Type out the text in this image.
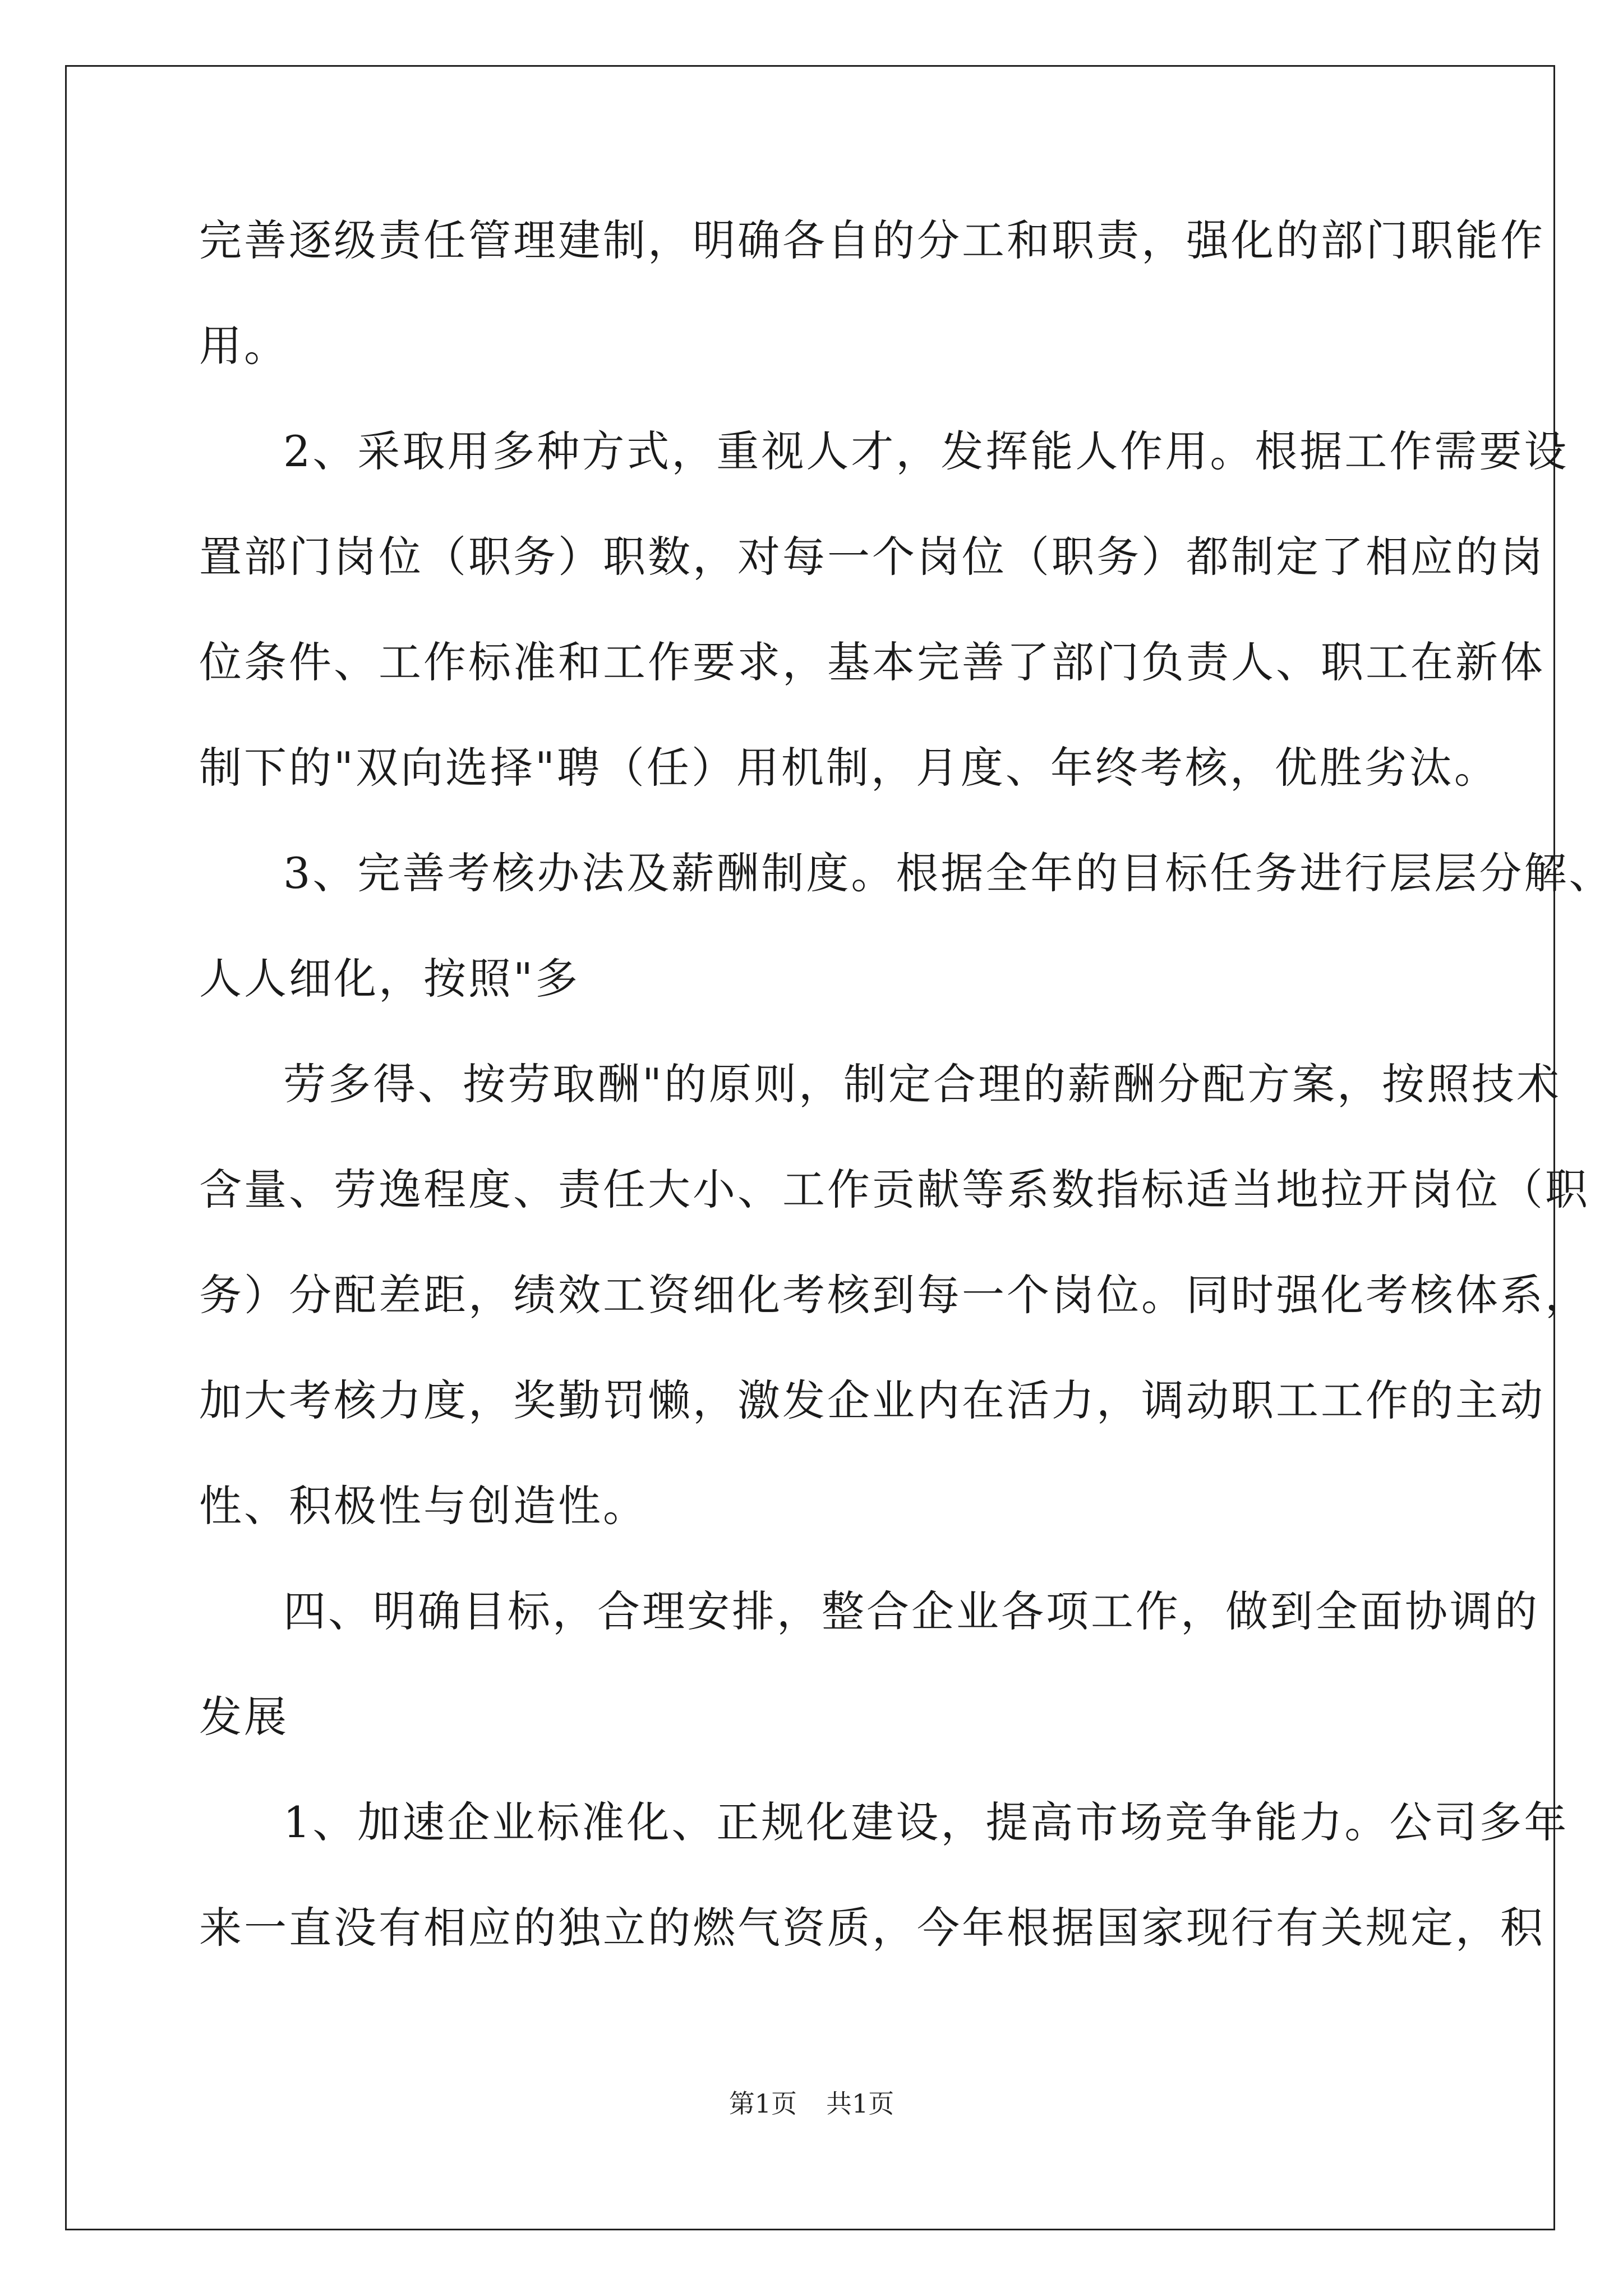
完善逐级责任管理建制，明确各自的分工和职责，强化的部门职能作
用。
2、采取用多种方式，重视人才，发挥能人作用。根据工作需要设
置部门岗位（职务）职数，对每一个岗位（职务）都制定了相应的岗
位条件、工作标准和工作要求，基本完善了部门负责人、职工在新体
制下的"双向选择"聘（任）用机制，月度、年终考核，优胜劣汰。
3、完善考核办法及薪酬制度。根据全年的目标任务进行层层分解、
人人细化，按照"多
劳多得、按劳取酬"的原则，制定合理的薪酬分配方案，按照技术
含量、劳逸程度、责任大小、工作贡献等系数指标适当地拉开岗位（职
务）分配差距，绩效工资细化考核到每一个岗位。同时强化考核体系，
加大考核力度，奖勤罚懒，激发企业内在活力，调动职工工作的主动
性、积极性与创造性。
四、明确目标，合理安排，整合企业各项工作，做到全面协调的
发展
1、加速企业标准化、正规化建设，提高市场竞争能力。公司多年
来一直没有相应的独立的燃气资质，今年根据国家现行有关规定，积
第1页 共1页
